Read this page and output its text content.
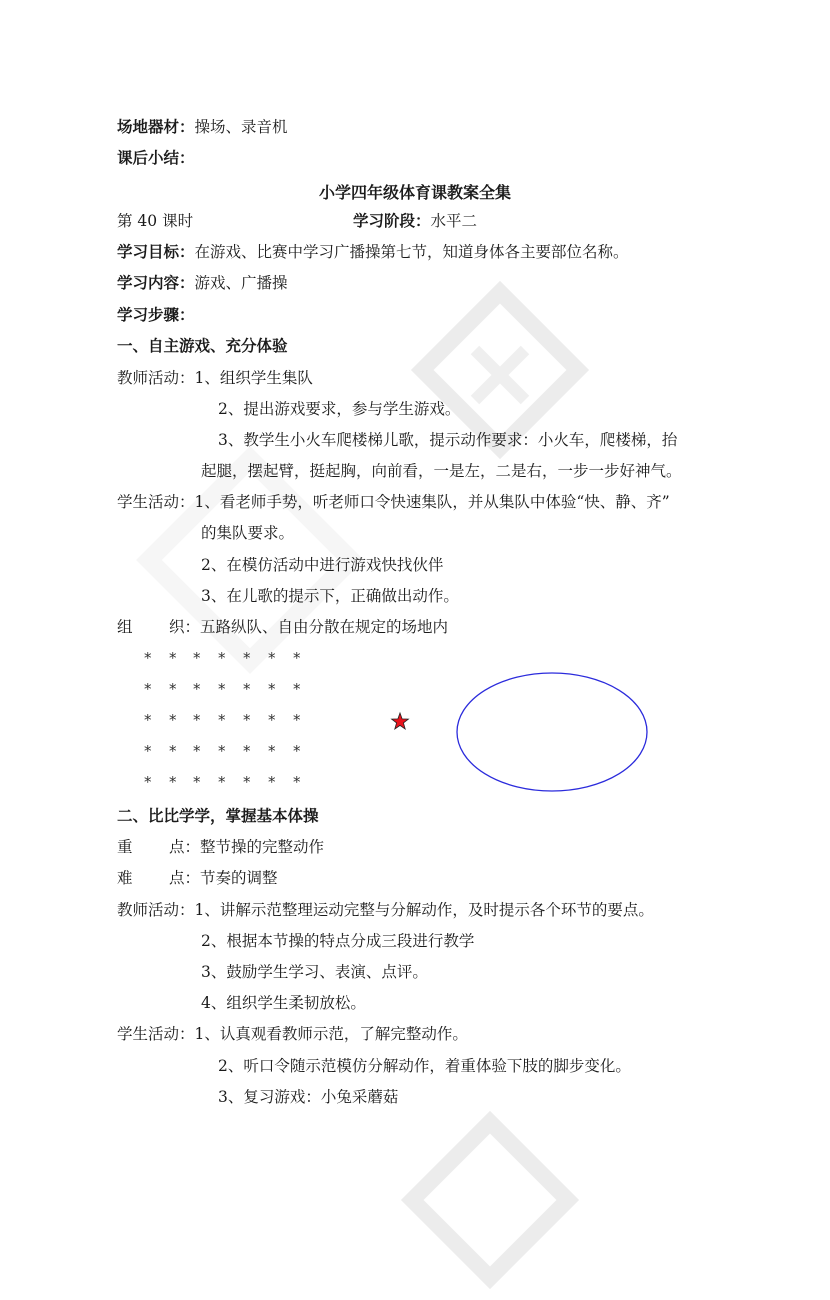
场地器材：操场、录音机
课后小结：
小学四年级体育课教案全集
第 40 课时	学习阶段：水平二
学习目标：在游戏、比赛中学习广播操第七节，知道身体各主要部位名称。
学习内容：游戏、广播操
学习步骤：
一、自主游戏、充分体验
教师活动：1、组织学生集队
2、提出游戏要求，参与学生游戏。
3、教学生小火车爬楼梯儿歌，提示动作要求：小火车，爬楼梯，抬
起腿，摆起臂，挺起胸，向前看，一是左，二是右，一步一步好神气。
学生活动：1、看老师手势，听老师口令快速集队，并从集队中体验“快、静、齐”
的集队要求。
2、在模仿活动中进行游戏快找伙伴
3、在儿歌的提示下，正确做出动作。
组 织：五路纵队、自由分散在规定的场地内
* * * * * * *
* * * * * * *
* * * * * * *
* * * * * * *
* * * * * * *
二、比比学学，掌握基本体操
重 点：整节操的完整动作
难 点：节奏的调整
教师活动：1、讲解示范整理运动完整与分解动作，及时提示各个环节的要点。
2、根据本节操的特点分成三段进行教学
3、鼓励学生学习、表演、点评。
4、组织学生柔韧放松。
学生活动：1、认真观看教师示范，了解完整动作。
2、听口令随示范模仿分解动作，着重体验下肢的脚步变化。
3、复习游戏：小兔采蘑菇
